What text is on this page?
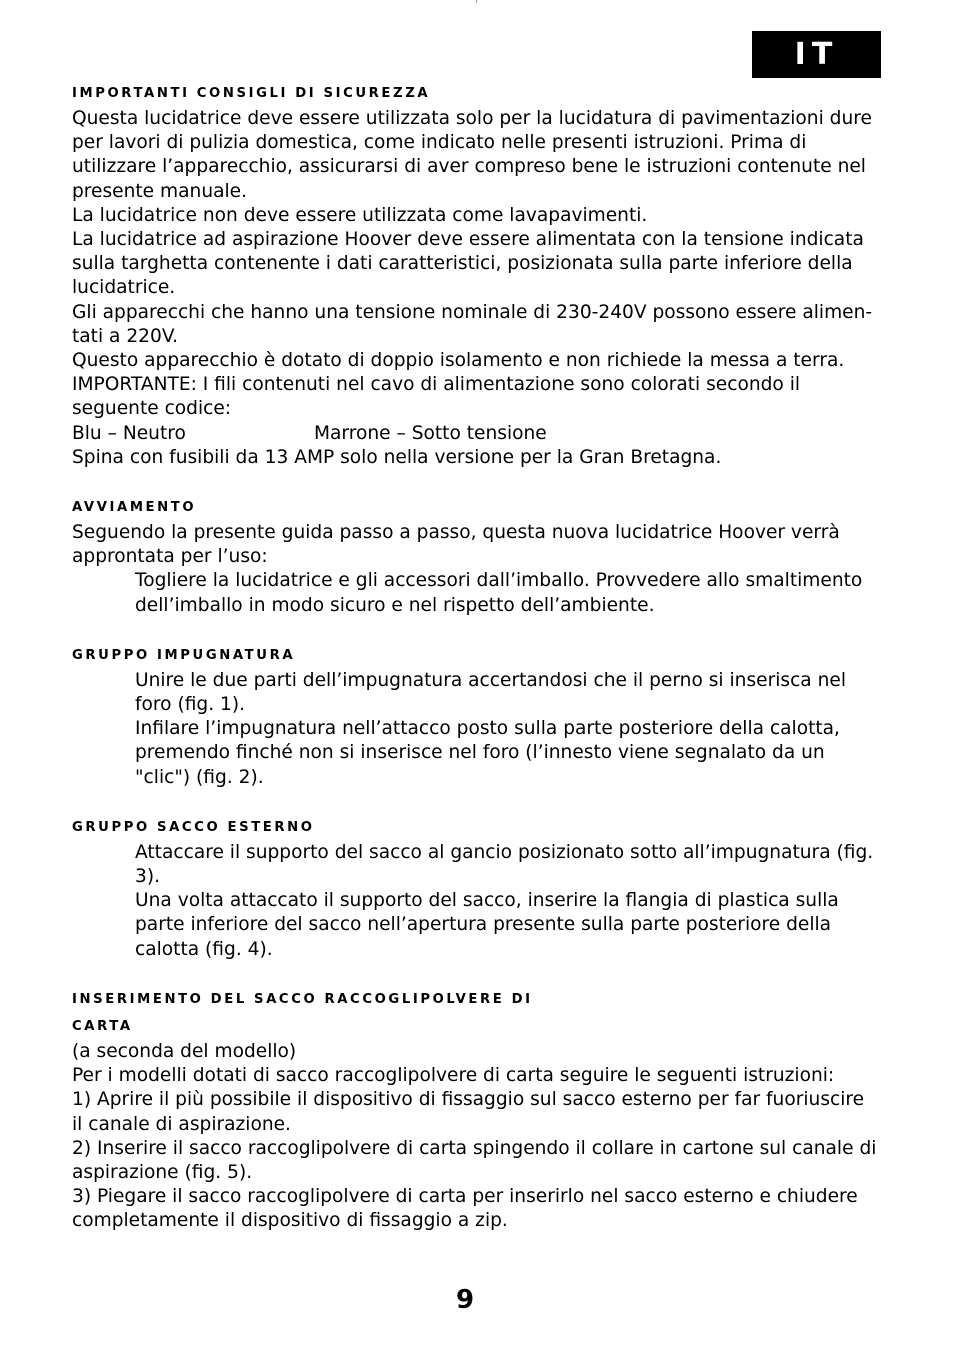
IT
IMPORTANTI CONSIGLI DI SICUREZZA

Questa lucidatrice deve essere utilizzata solo per la lucidatura di pavimentazioni dure per lavori di pulizia domestica, come indicato nelle presenti istruzioni. Prima di utilizzare l’apparecchio, assicurarsi di aver compreso bene le istruzioni contenute nel presente manuale.

La lucidatrice non deve essere utilizzata come lavapavimenti.

La lucidatrice ad aspirazione Hoover deve essere alimentata con la tensione indicata sulla targhetta contenente i dati caratteristici, posizionata sulla parte inferiore della lucidatrice.

Gli apparecchi che hanno una tensione nominale di 230-240V possono essere alimen-tati a 220V.

Questo apparecchio è dotato di doppio isolamento e non richiede la messa a terra.

IMPORTANTE: I fili contenuti nel cavo di alimentazione sono colorati secondo il seguente codice:

Blu – Neutro	Marrone – Sotto tensione

Spina con fusibili da 13 AMP solo nella versione per la Gran Bretagna.

AVVIAMENTO

Seguendo la presente guida passo a passo, questa nuova lucidatrice Hoover verrà approntata per l’uso:

Togliere la lucidatrice e gli accessori dall’imballo. Provvedere allo smaltimento dell’imballo in modo sicuro e nel rispetto dell’ambiente.

GRUPPO IMPUGNATURA

Unire le due parti dell’impugnatura accertandosi che il perno si inserisca nel foro (fig. 1).

Infilare l’impugnatura nell’attacco posto sulla parte posteriore della calotta, premendo finché non si inserisce nel foro (l’innesto viene segnalato da un "clic") (fig. 2).

GRUPPO SACCO ESTERNO

Attaccare il supporto del sacco al gancio posizionato sotto all’impugnatura (fig. 3).

Una volta attaccato il supporto del sacco, inserire la flangia di plastica sulla parte inferiore del sacco nell’apertura presente sulla parte posteriore della calotta (fig. 4).

INSERIMENTO DEL SACCO RACCOGLIPOLVERE DI
CARTA

(a seconda del modello)

Per i modelli dotati di sacco raccoglipolvere di carta seguire le seguenti istruzioni:

1) Aprire il più possibile il dispositivo di fissaggio sul sacco esterno per far fuoriuscire il canale di aspirazione.

2) Inserire il sacco raccoglipolvere di carta spingendo il collare in cartone sul canale di aspirazione (fig. 5).

3) Piegare il sacco raccoglipolvere di carta per inserirlo nel sacco esterno e chiudere completamente il dispositivo di fissaggio a zip.

9
